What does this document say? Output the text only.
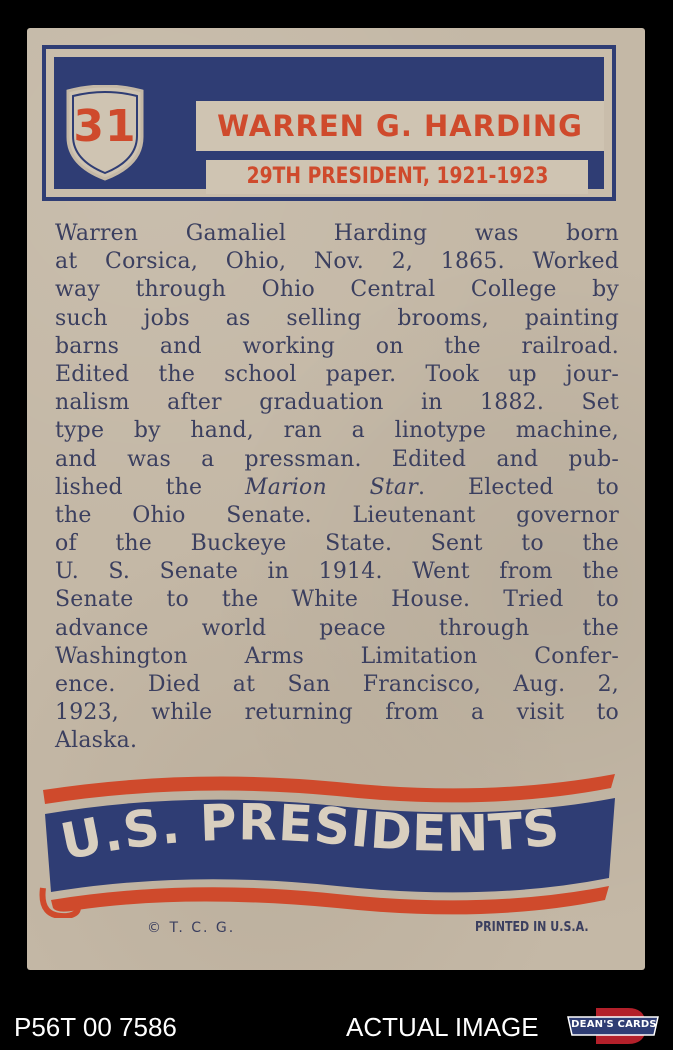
31	WARREN G. HARDING
29TH PRESIDENT, 1921-1923
Warren Gamaliel Harding was born
at Corsica, Ohio, Nov. 2, 1865. Worked
way through Ohio Central College by
such jobs as selling brooms, painting
barns and working on the railroad.
Edited the school paper. Took up jour-
nalism after graduation in 1882. Set
type by hand, ran a linotype machine,
and was a pressman. Edited and pub-
lished the Marion Star. Elected to
the Ohio Senate. Lieutenant governor
of the Buckeye State. Sent to the
U. S. Senate in 1914. Went from the
Senate to the White House. Tried to
advance world peace through the
Washington Arms Limitation Confer-
ence. Died at San Francisco, Aug. 2,
1923, while returning from a visit to
Alaska.
U.S. PRESIDENTS
© T. C. G.	PRINTED IN U.S.A.
P56T 00 7586	ACTUAL IMAGE	DEAN'S CARDS
